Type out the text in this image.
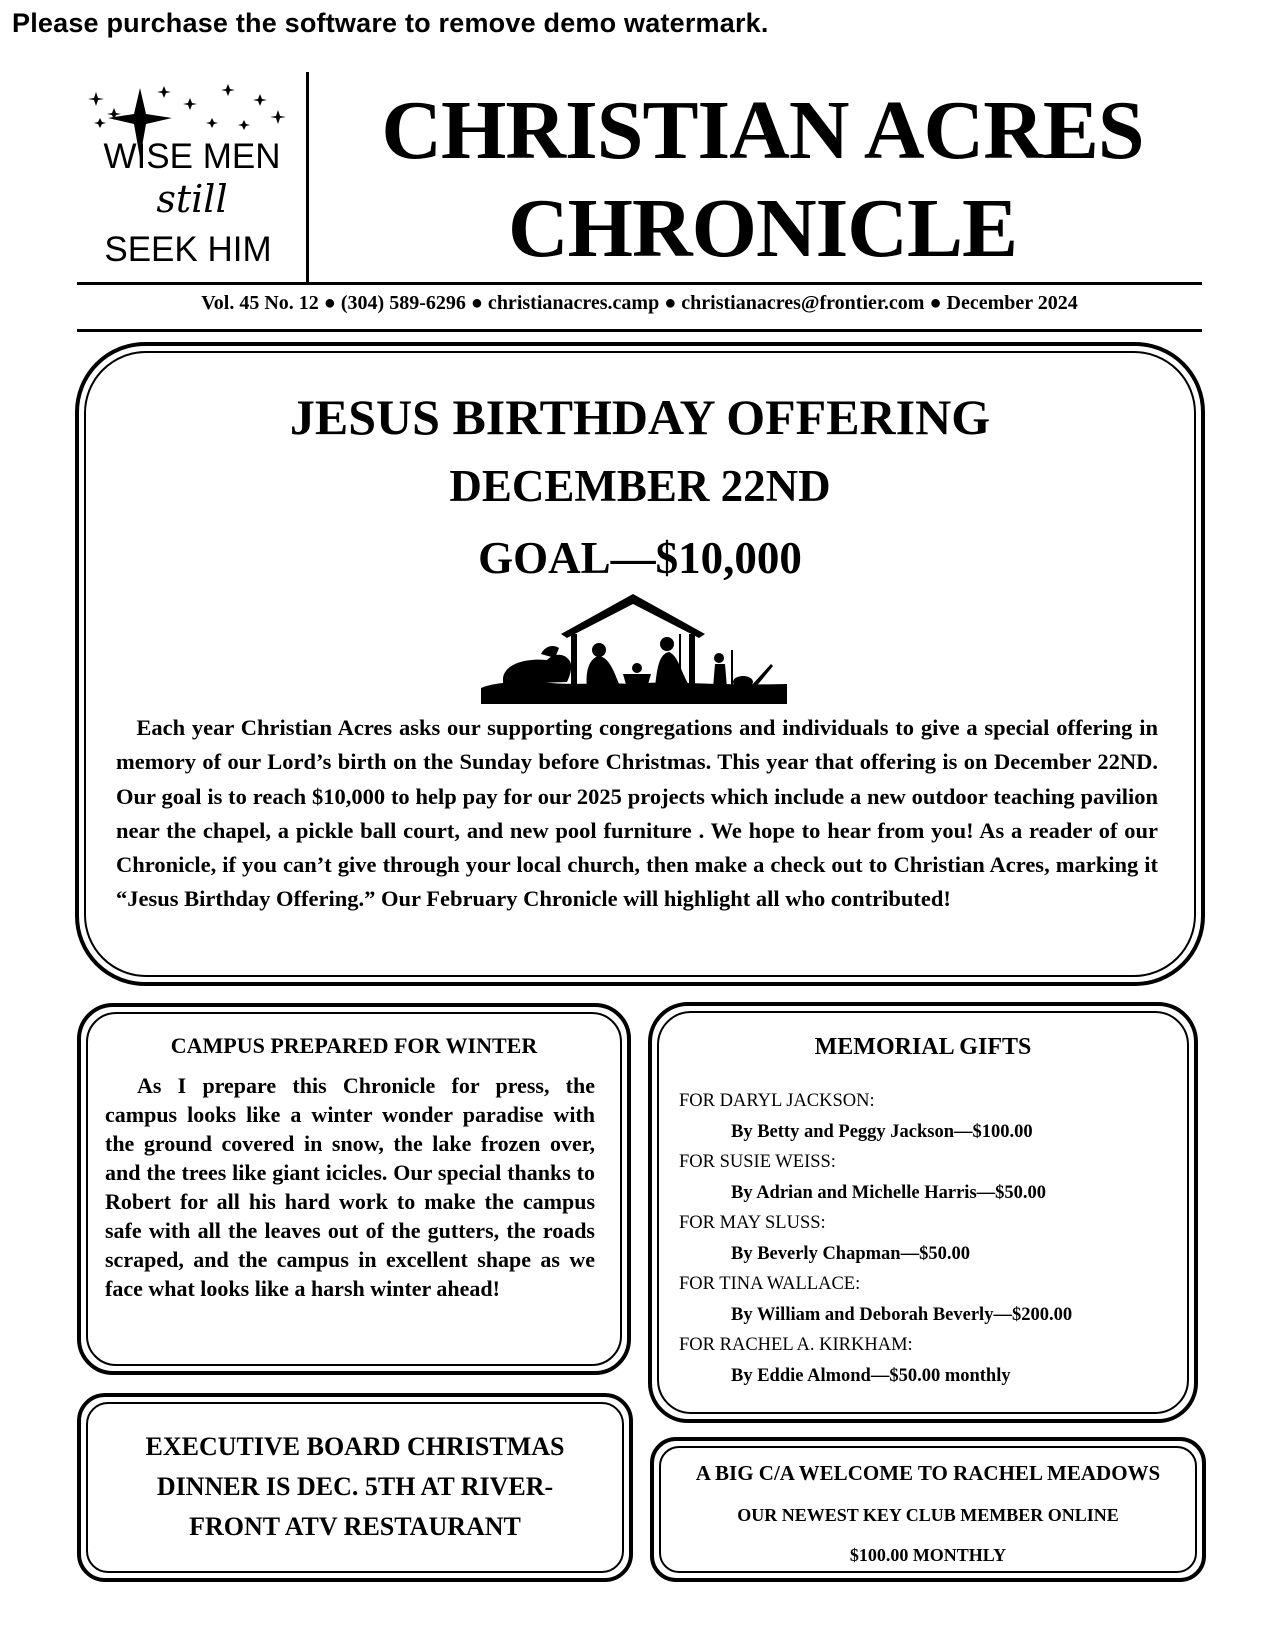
Please purchase the software to remove demo watermark.
WISE MEN
still
SEEK HIM
CHRISTIAN ACRES
CHRONICLE
Vol. 45 No. 12 ● (304) 589-6296 ● christianacres.camp ● christianacres@frontier.com ● December 2024
JESUS BIRTHDAY OFFERING
DECEMBER 22ND
GOAL—$10,000

Each year Christian Acres asks our supporting congregations and individuals to give a special offering in memory of our Lord’s birth on the Sunday before Christmas. This year that offering is on December 22ND. Our goal is to reach $10,000 to help pay for our 2025 projects which include a new outdoor teaching pavilion near the chapel, a pickle ball court, and new pool furniture . We hope to hear from you! As a reader of our Chronicle, if you can’t give through your local church, then make a check out to Christian Acres, marking it “Jesus Birthday Offering.” Our February Chronicle will highlight all who contributed!

CAMPUS PREPARED FOR WINTER

As I prepare this Chronicle for press, the campus looks like a winter wonder paradise with the ground covered in snow, the lake frozen over, and the trees like giant icicles. Our special thanks to Robert for all his hard work to make the campus safe with all the leaves out of the gutters, the roads scraped, and the campus in excellent shape as we face what looks like a harsh winter ahead!

MEMORIAL GIFTS
FOR DARYL JACKSON:
By Betty and Peggy Jackson—$100.00
FOR SUSIE WEISS:
By Adrian and Michelle Harris—$50.00
FOR MAY SLUSS:
By Beverly Chapman—$50.00
FOR TINA WALLACE:
By William and Deborah Beverly—$200.00
FOR RACHEL A. KIRKHAM:
By Eddie Almond—$50.00 monthly
EXECUTIVE BOARD CHRISTMAS
DINNER IS DEC. 5TH AT RIVER-
FRONT ATV RESTAURANT
A BIG C/A WELCOME TO RACHEL MEADOWS
OUR NEWEST KEY CLUB MEMBER ONLINE
$100.00 MONTHLY
